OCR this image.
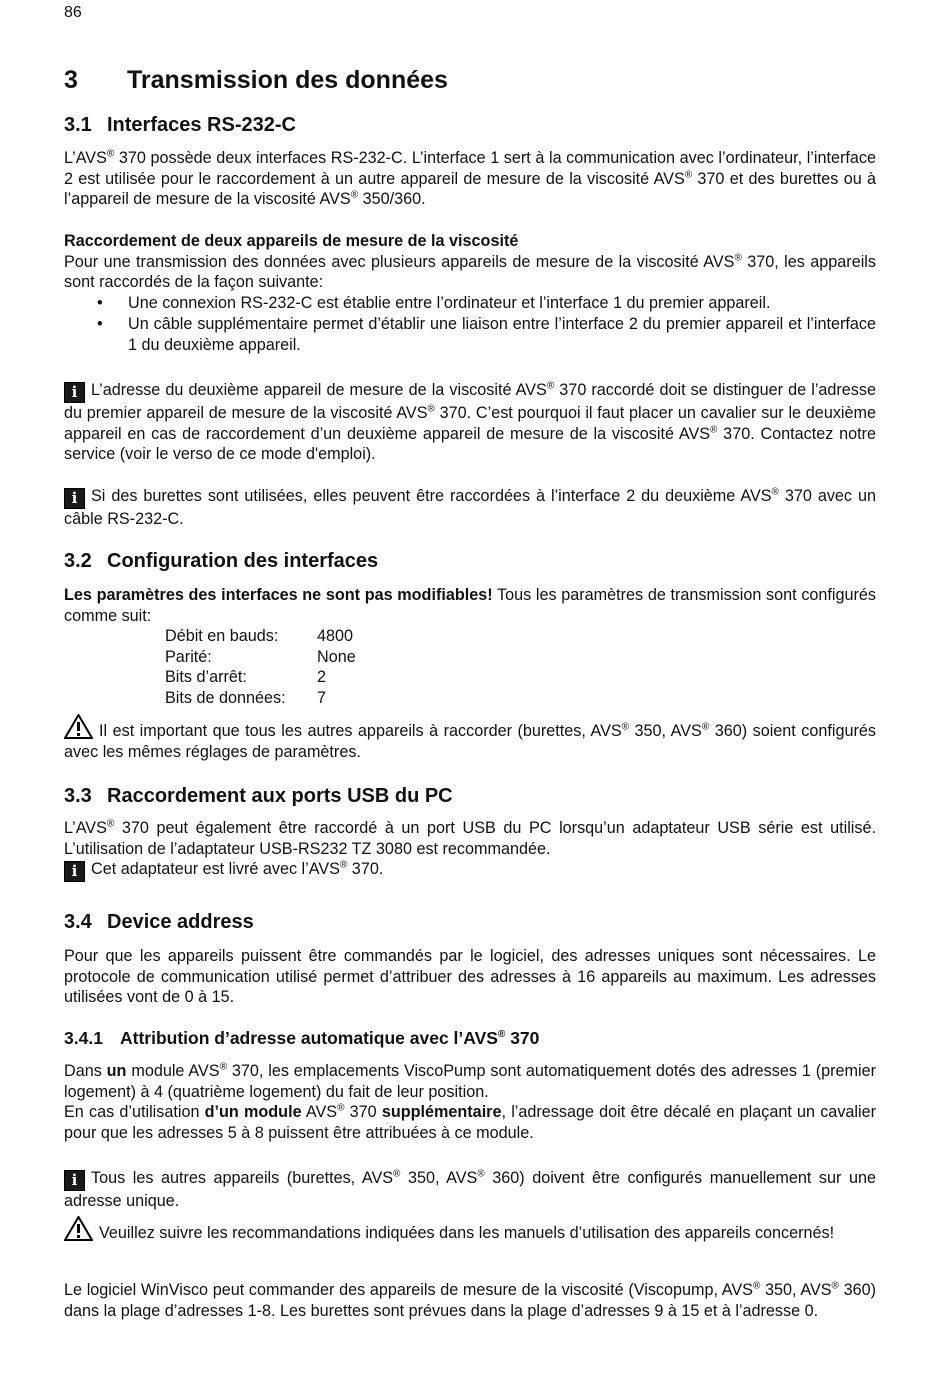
86
3 Transmission des données
3.1 Interfaces RS-232-C

L’AVS® 370 possède deux interfaces RS-232-C. L’interface 1 sert à la communication avec l’ordinateur, l’interface 2 est utilisée pour le raccordement à un autre appareil de mesure de la viscosité AVS® 370 et des burettes ou à l’appareil de mesure de la viscosité AVS® 350/360.

Raccordement de deux appareils de mesure de la viscosité

Pour une transmission des données avec plusieurs appareils de mesure de la viscosité AVS® 370, les appareils sont raccordés de la façon suivante:

• Une connexion RS-232-C est établie entre l’ordinateur et l’interface 1 du premier appareil.
• Un câble supplémentaire permet d’établir une liaison entre l’interface 2 du premier appareil et l’interface 1 du deuxième appareil.

i L’adresse du deuxième appareil de mesure de la viscosité AVS® 370 raccordé doit se distinguer de l’adresse du premier appareil de mesure de la viscosité AVS® 370. C’est pourquoi il faut placer un cavalier sur le deuxième appareil en cas de raccordement d’un deuxième appareil de mesure de la viscosité AVS® 370. Contactez notre service (voir le verso de ce mode d'emploi).

i Si des burettes sont utilisées, elles peuvent être raccordées à l’interface 2 du deuxième AVS® 370 avec un câble RS-232-C.

3.2 Configuration des interfaces

Les paramètres des interfaces ne sont pas modifiables! Tous les paramètres de transmission sont configurés comme suit:

Débit en bauds:	4800
Parité:	None
Bits d’arrêt:	2
Bits de données:	7

Il est important que tous les autres appareils à raccorder (burettes, AVS® 350, AVS® 360) soient configurés avec les mêmes réglages de paramètres.

3.3 Raccordement aux ports USB du PC

L’AVS® 370 peut également être raccordé à un port USB du PC lorsqu’un adaptateur USB série est utilisé. L’utilisation de l’adaptateur USB-RS232 TZ 3080 est recommandée.

i Cet adaptateur est livré avec l’AVS® 370.

3.4 Device address

Pour que les appareils puissent être commandés par le logiciel, des adresses uniques sont nécessaires. Le protocole de communication utilisé permet d’attribuer des adresses à 16 appareils au maximum. Les adresses utilisées vont de 0 à 15.

3.4.1 Attribution d’adresse automatique avec l’AVS® 370

Dans un module AVS® 370, les emplacements ViscoPump sont automatiquement dotés des adresses 1 (premier logement) à 4 (quatrième logement) du fait de leur position.

En cas d’utilisation d’un module AVS® 370 supplémentaire, l’adressage doit être décalé en plaçant un cavalier pour que les adresses 5 à 8 puissent être attribuées à ce module.

i Tous les autres appareils (burettes, AVS® 350, AVS® 360) doivent être configurés manuellement sur une adresse unique.

Veuillez suivre les recommandations indiquées dans les manuels d’utilisation des appareils concernés!

Le logiciel WinVisco peut commander des appareils de mesure de la viscosité (Viscopump, AVS® 350, AVS® 360) dans la plage d’adresses 1-8. Les burettes sont prévues dans la plage d’adresses 9 à 15 et à l’adresse 0.
